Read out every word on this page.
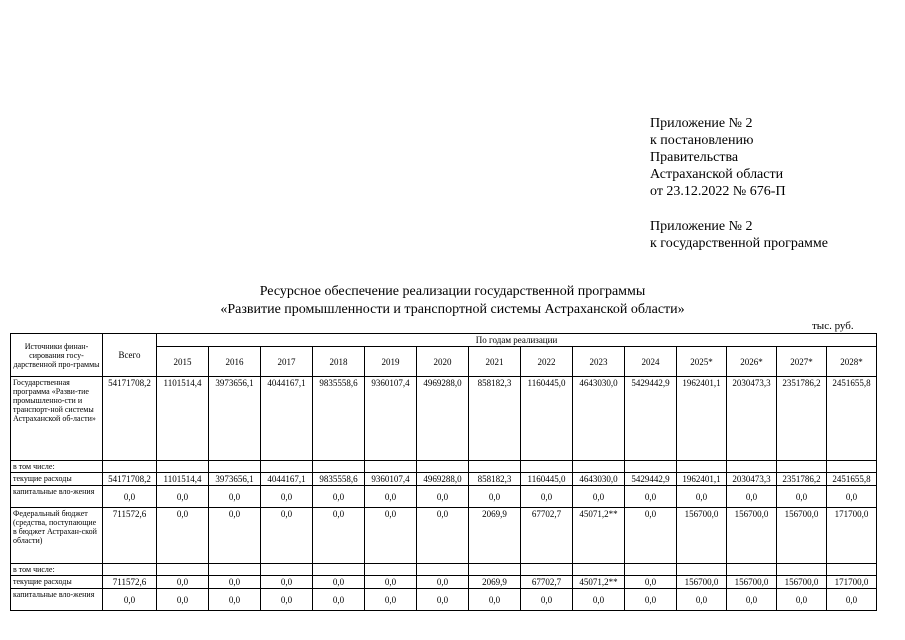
Приложение № 2
к постановлению
Правительства
Астраханской области
от 23.12.2022 № 676-П
Приложение № 2
к государственной программе
Ресурсное обеспечение реализации государственной программы
«Развитие промышленности и транспортной системы Астраханской области»
тыс. руб.
Источники финан-сирования госу-дарственной про-граммы	Всего	По годам реализации													
		2015	2016	2017	2018	2019	2020	2021	2022	2023	2024	2025*	2026*	2027*	2028*
Государственная программа «Разви-тие промышленно-сти и транспорт-ной системы Астраханской об-ласти»	54171708,2	1101514,4	3973656,1	4044167,1	9835558,6	9360107,4	4969288,0	858182,3	1160445,0	4643030,0	5429442,9	1962401,1	2030473,3	2351786,2	2451655,8
в том числе:															
текущие расходы	54171708,2	1101514,4	3973656,1	4044167,1	9835558,6	9360107,4	4969288,0	858182,3	1160445,0	4643030,0	5429442,9	1962401,1	2030473,3	2351786,2	2451655,8
капитальные вло-жения	0,0	0,0	0,0	0,0	0,0	0,0	0,0	0,0	0,0	0,0	0,0	0,0	0,0	0,0	0,0
Федеральный бюджет (средства, поступающие в бюджет Астрахан-ской области)	711572,6	0,0	0,0	0,0	0,0	0,0	0,0	2069,9	67702,7	45071,2**	0,0	156700,0	156700,0	156700,0	171700,0
в том числе:															
текущие расходы	711572,6	0,0	0,0	0,0	0,0	0,0	0,0	2069,9	67702,7	45071,2**	0,0	156700,0	156700,0	156700,0	171700,0
капитальные вло-жения	0,0	0,0	0,0	0,0	0,0	0,0	0,0	0,0	0,0	0,0	0,0	0,0	0,0	0,0	0,0
